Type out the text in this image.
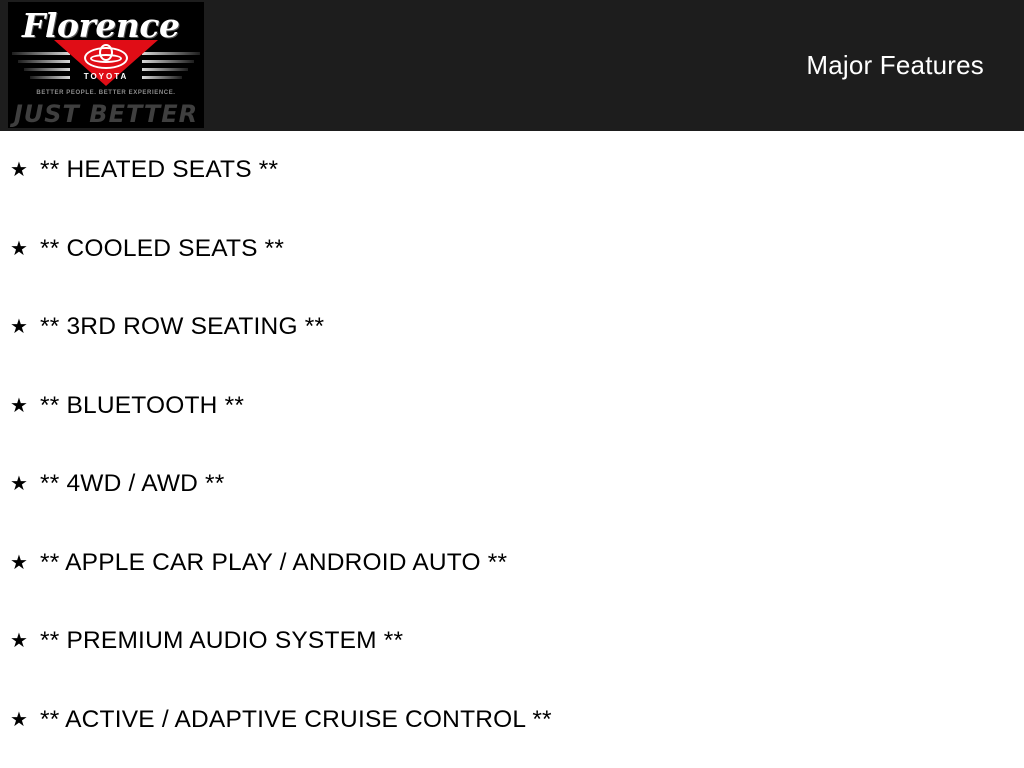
Florence
TOYOTA
BETTER PEOPLE. BETTER EXPERIENCE.
JUST BETTER
Major Features
★ ** HEATED SEATS **
★ ** COOLED SEATS **
★ ** 3RD ROW SEATING **
★ ** BLUETOOTH **
★ ** 4WD / AWD **
★ ** APPLE CAR PLAY / ANDROID AUTO **
★ ** PREMIUM AUDIO SYSTEM **
★ ** ACTIVE / ADAPTIVE CRUISE CONTROL **
